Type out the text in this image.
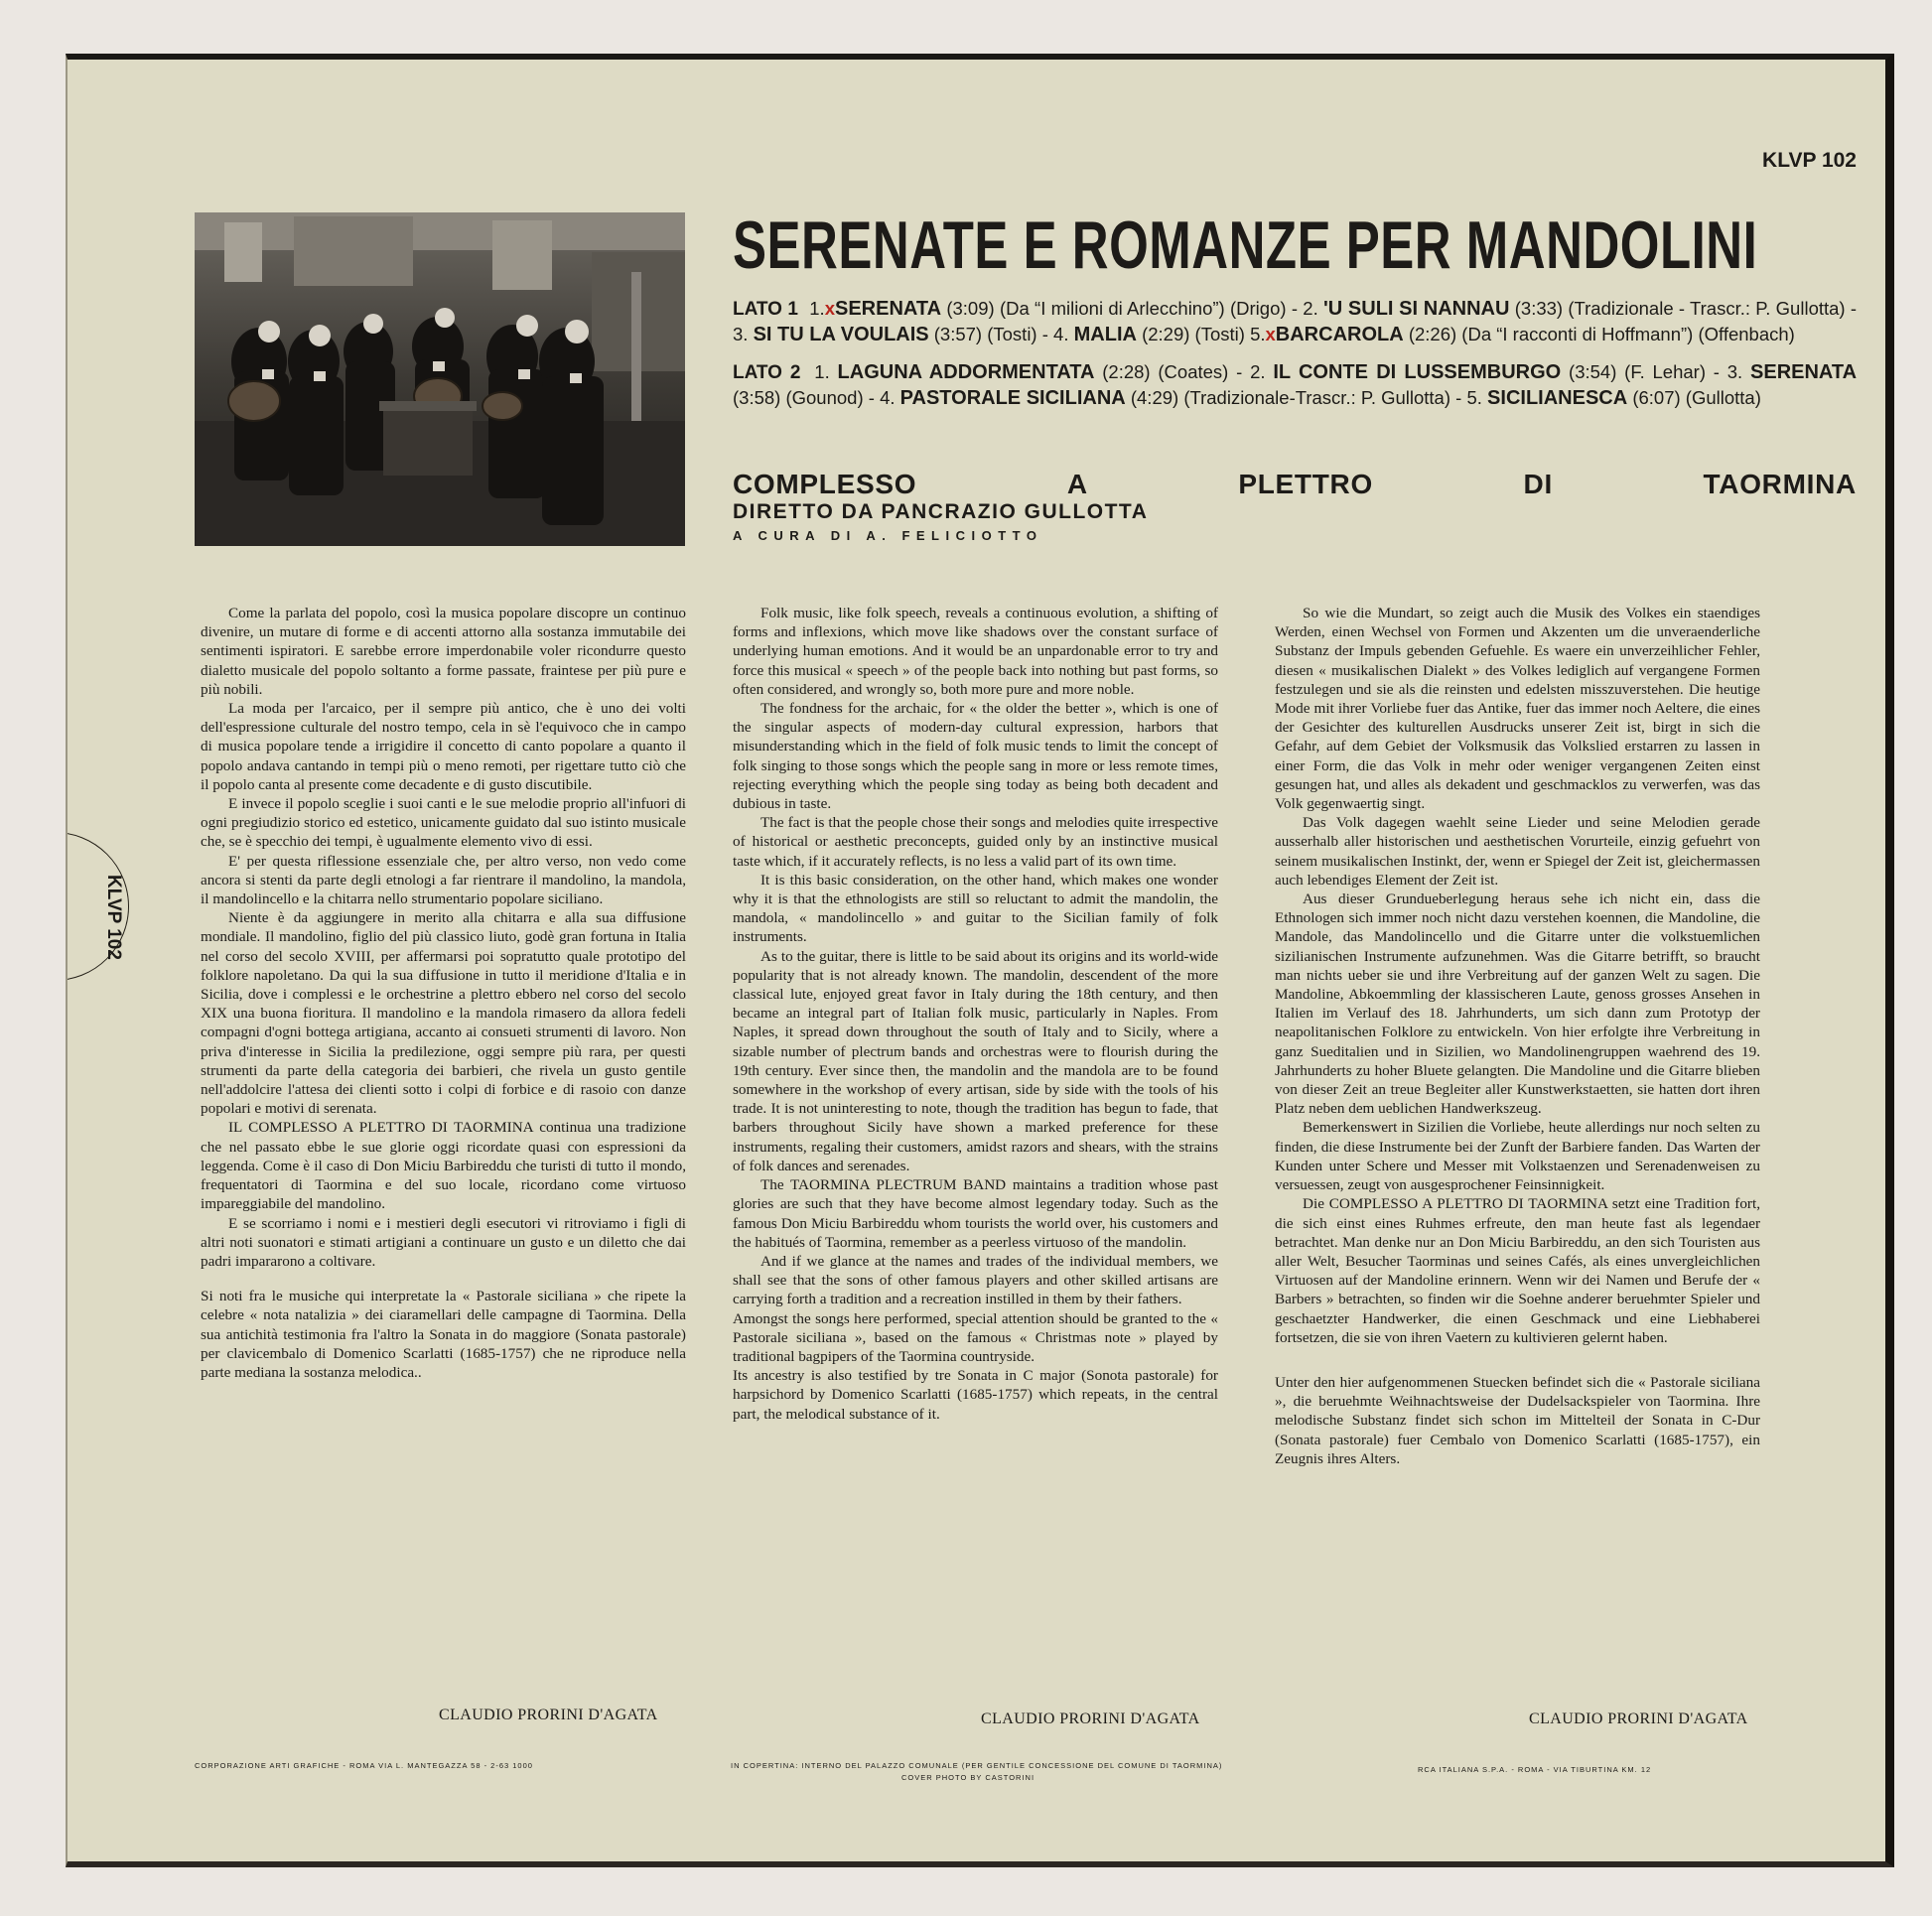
KLVP 102
KLVP 102
SERENATE E ROMANZE PER MANDOLINI

LATO 1 1.xSERENATA (3:09) (Da “I milioni di Arlecchino”) (Drigo) - 2. 'U SULI SI NANNAU (3:33) (Tradizionale - Trascr.: P. Gullotta) - 3. SI TU LA VOULAIS (3:57) (Tosti) - 4. MALIA (2:29) (Tosti) 5.xBARCAROLA (2:26) (Da “I racconti di Hoffmann”) (Offenbach)

LATO 2 1. LAGUNA ADDORMENTATA (2:28) (Coates) - 2. IL CONTE DI LUSSEMBURGO (3:54) (F. Lehar) - 3. SERENATA (3:58) (Gounod) - 4. PASTORALE SICILIANA (4:29) (Tradizionale-Trascr.: P. Gullotta) - 5. SICILIANESCA (6:07) (Gullotta)

COMPLESSO	A	PLETTRO	DI	TAORMINA
DIRETTO DA PANCRAZIO GULLOTTA
A CURA DI A. FELICIOTTO

Come la parlata del popolo, così la musica popolare discopre un continuo divenire, un mutare di forme e di accenti attorno alla sostanza immutabile dei sentimenti ispiratori. E sarebbe errore imperdonabile voler ricondurre questo dialetto musicale del popolo soltanto a forme passate, fraintese per più pure e più nobili.

La moda per l'arcaico, per il sempre più antico, che è uno dei volti dell'espressione culturale del nostro tempo, cela in sè l'equivoco che in campo di musica popolare tende a irrigidire il concetto di canto popolare a quanto il popolo andava cantando in tempi più o meno remoti, per rigettare tutto ciò che il popolo canta al presente come decadente e di gusto discutibile.

E invece il popolo sceglie i suoi canti e le sue melodie proprio all'infuori di ogni pregiudizio storico ed estetico, unicamente guidato dal suo istinto musicale che, se è specchio dei tempi, è ugualmente elemento vivo di essi.

E' per questa riflessione essenziale che, per altro verso, non vedo come ancora si stenti da parte degli etnologi a far rientrare il mandolino, la mandola, il mandolincello e la chitarra nello strumentario popolare siciliano.

Niente è da aggiungere in merito alla chitarra e alla sua diffusione mondiale. Il mandolino, figlio del più classico liuto, godè gran fortuna in Italia nel corso del secolo XVIII, per affermarsi poi sopratutto quale prototipo del folklore napoletano. Da qui la sua diffusione in tutto il meridione d'Italia e in Sicilia, dove i complessi e le orchestrine a plettro ebbero nel corso del secolo XIX una buona fioritura. Il mandolino e la mandola rimasero da allora fedeli compagni d'ogni bottega artigiana, accanto ai consueti strumenti di lavoro. Non priva d'interesse in Sicilia la predilezione, oggi sempre più rara, per questi strumenti da parte della categoria dei barbieri, che rivela un gusto gentile nell'addolcire l'attesa dei clienti sotto i colpi di forbice e di rasoio con danze popolari e motivi di serenata.

IL COMPLESSO A PLETTRO DI TAORMINA continua una tradizione che nel passato ebbe le sue glorie oggi ricordate quasi con espressioni da leggenda. Come è il caso di Don Miciu Barbireddu che turisti di tutto il mondo, frequentatori di Taormina e del suo locale, ricordano come virtuoso impareggiabile del mandolino.

E se scorriamo i nomi e i mestieri degli esecutori vi ritroviamo i figli di altri noti suonatori e stimati artigiani a continuare un gusto e un diletto che dai padri impararono a coltivare.

Si noti fra le musiche qui interpretate la « Pastorale siciliana » che ripete la celebre « nota natalizia » dei ciaramellari delle campagne di Taormina. Della sua antichità testimonia fra l'altro la Sonata in do maggiore (Sonata pastorale) per clavicembalo di Domenico Scarlatti (1685-1757) che ne riproduce nella parte mediana la sostanza melodica..

CLAUDIO PRORINI D'AGATA

Folk music, like folk speech, reveals a continuous evolution, a shifting of forms and inflexions, which move like shadows over the constant surface of underlying human emotions. And it would be an unpardonable error to try and force this musical « speech » of the people back into nothing but past forms, so often considered, and wrongly so, both more pure and more noble.

The fondness for the archaic, for « the older the better », which is one of the singular aspects of modern-day cultural expression, harbors that misunderstanding which in the field of folk music tends to limit the concept of folk singing to those songs which the people sang in more or less remote times, rejecting everything which the people sing today as being both decadent and dubious in taste.

The fact is that the people chose their songs and melodies quite irrespective of historical or aesthetic preconcepts, guided only by an instinctive musical taste which, if it accurately reflects, is no less a valid part of its own time.

It is this basic consideration, on the other hand, which makes one wonder why it is that the ethnologists are still so reluctant to admit the mandolin, the mandola, « mandolincello » and guitar to the Sicilian family of folk instruments.

As to the guitar, there is little to be said about its origins and its world-wide popularity that is not already known. The mandolin, descendent of the more classical lute, enjoyed great favor in Italy during the 18th century, and then became an integral part of Italian folk music, particularly in Naples. From Naples, it spread down throughout the south of Italy and to Sicily, where a sizable number of plectrum bands and orchestras were to flourish during the 19th century. Ever since then, the mandolin and the mandola are to be found somewhere in the workshop of every artisan, side by side with the tools of his trade. It is not uninteresting to note, though the tradition has begun to fade, that barbers throughout Sicily have shown a marked preference for these instruments, regaling their customers, amidst razors and shears, with the strains of folk dances and serenades.

The TAORMINA PLECTRUM BAND maintains a tradition whose past glories are such that they have become almost legendary today. Such as the famous Don Miciu Barbireddu whom tourists the world over, his customers and the habitués of Taormina, remember as a peerless virtuoso of the mandolin.

And if we glance at the names and trades of the individual members, we shall see that the sons of other famous players and other skilled artisans are carrying forth a tradition and a recreation instilled in them by their fathers.

Amongst the songs here performed, special attention should be granted to the « Pastorale siciliana », based on the famous « Christmas note » played by traditional bagpipers of the Taormina countryside.

Its ancestry is also testified by tre Sonata in C major (Sonota pastorale) for harpsichord by Domenico Scarlatti (1685-1757) which repeats, in the central part, the melodical substance of it.

CLAUDIO PRORINI D'AGATA

So wie die Mundart, so zeigt auch die Musik des Volkes ein staendiges Werden, einen Wechsel von Formen und Akzenten um die unveraenderliche Substanz der Impuls gebenden Gefuehle. Es waere ein unverzeihlicher Fehler, diesen « musikalischen Dialekt » des Volkes lediglich auf vergangene Formen festzulegen und sie als die reinsten und edelsten misszuverstehen. Die heutige Mode mit ihrer Vorliebe fuer das Antike, fuer das immer noch Aeltere, die eines der Gesichter des kulturellen Ausdrucks unserer Zeit ist, birgt in sich die Gefahr, auf dem Gebiet der Volksmusik das Volkslied erstarren zu lassen in einer Form, die das Volk in mehr oder weniger vergangenen Zeiten einst gesungen hat, und alles als dekadent und geschmacklos zu verwerfen, was das Volk gegenwaertig singt.

Das Volk dagegen waehlt seine Lieder und seine Melodien gerade ausserhalb aller historischen und aesthetischen Vorurteile, einzig gefuehrt von seinem musikalischen Instinkt, der, wenn er Spiegel der Zeit ist, gleichermassen auch lebendiges Element der Zeit ist.

Aus dieser Grundueberlegung heraus sehe ich nicht ein, dass die Ethnologen sich immer noch nicht dazu verstehen koennen, die Mandoline, die Mandole, das Mandolincello und die Gitarre unter die volkstuemlichen sizilianischen Instrumente aufzunehmen. Was die Gitarre betrifft, so braucht man nichts ueber sie und ihre Verbreitung auf der ganzen Welt zu sagen. Die Mandoline, Abkoemmling der klassischeren Laute, genoss grosses Ansehen in Italien im Verlauf des 18. Jahrhunderts, um sich dann zum Prototyp der neapolitanischen Folklore zu entwickeln. Von hier erfolgte ihre Verbreitung in ganz Sueditalien und in Sizilien, wo Mandolinengruppen waehrend des 19. Jahrhunderts zu hoher Bluete gelangten. Die Mandoline und die Gitarre blieben von dieser Zeit an treue Begleiter aller Kunstwerkstaetten, sie hatten dort ihren Platz neben dem ueblichen Handwerkszeug.

Bemerkenswert in Sizilien die Vorliebe, heute allerdings nur noch selten zu finden, die diese Instrumente bei der Zunft der Barbiere fanden. Das Warten der Kunden unter Schere und Messer mit Volkstaenzen und Serenadenweisen zu versuessen, zeugt von ausgesprochener Feinsinnigkeit.

Die COMPLESSO A PLETTRO DI TAORMINA setzt eine Tradition fort, die sich einst eines Ruhmes erfreute, den man heute fast als legendaer betrachtet. Man denke nur an Don Miciu Barbireddu, an den sich Touristen aus aller Welt, Besucher Taorminas und seines Cafés, als eines unvergleichlichen Virtuosen auf der Mandoline erinnern. Wenn wir dei Namen und Berufe der « Barbers » betrachten, so finden wir die Soehne anderer beruehmter Spieler und geschaetzter Handwerker, die einen Geschmack und eine Liebhaberei fortsetzen, die sie von ihren Vaetern zu kultivieren gelernt haben.

Unter den hier aufgenommenen Stuecken befindet sich die « Pastorale siciliana », die beruehmte Weihnachtsweise der Dudelsackspieler von Taormina. Ihre melodische Substanz findet sich schon im Mittelteil der Sonata in C-Dur (Sonata pastorale) fuer Cembalo von Domenico Scarlatti (1685-1757), ein Zeugnis ihres Alters.

CLAUDIO PRORINI D'AGATA
CORPORAZIONE ARTI GRAFICHE - ROMA VIA L. MANTEGAZZA 58 - 2-63 1000	IN COPERTINA: INTERNO DEL PALAZZO COMUNALE (PER GENTILE CONCESSIONE DEL COMUNE DI TAORMINA)
COVER PHOTO BY CASTORINI
RCA ITALIANA S.P.A. - ROMA - VIA TIBURTINA KM. 12
